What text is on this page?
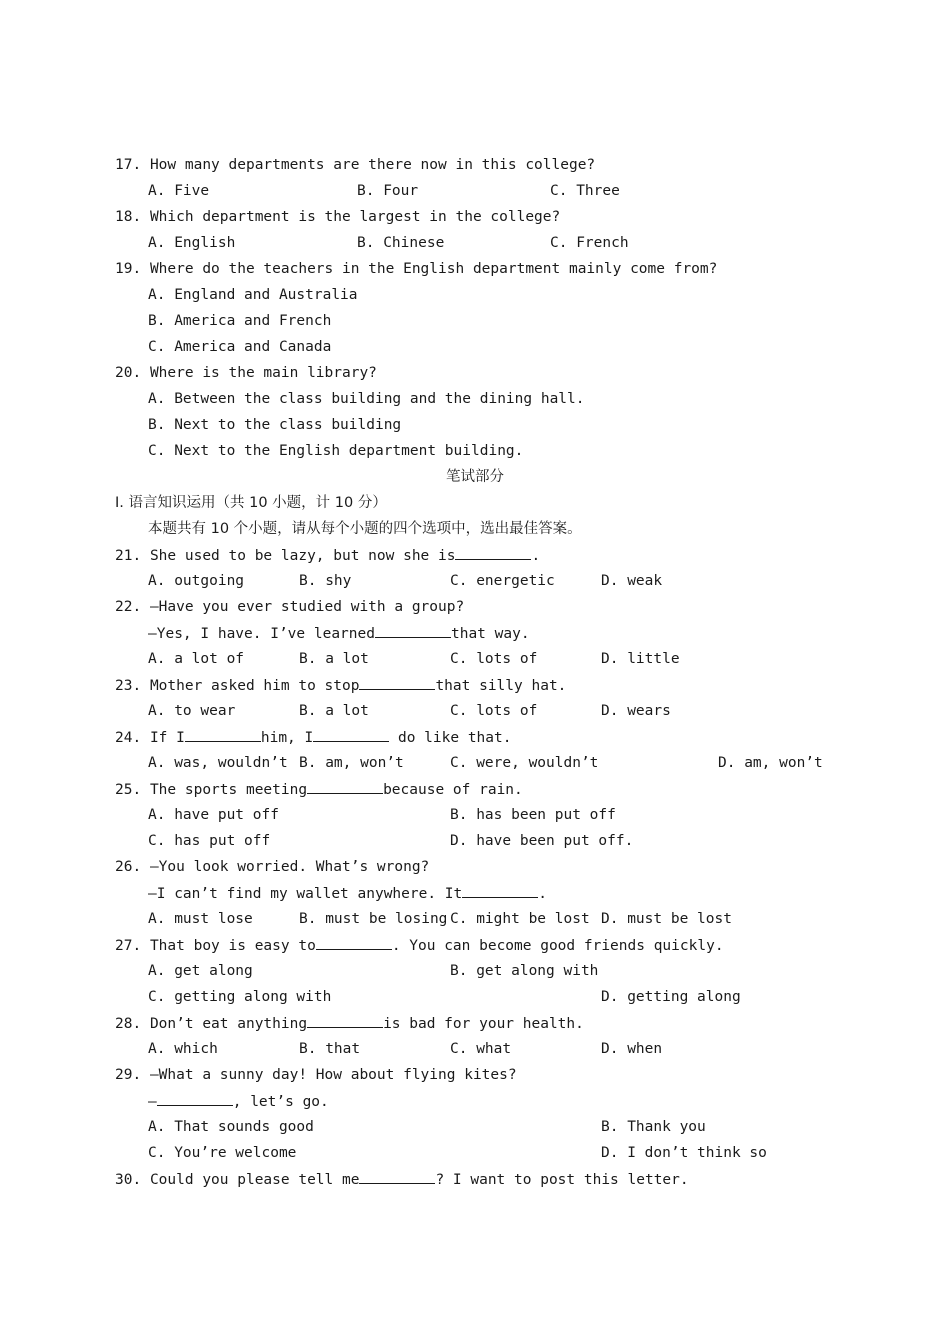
17. How many departments are there now in this college?
A. Five	B. Four	C. Three
18. Which department is the largest in the college?
A. English	B. Chinese	C. French
19. Where do the teachers in the English department mainly come from?
A. England and Australia
B. America and French
C. America and Canada
20. Where is the main library?
A. Between the class building and the dining hall.
B. Next to the class building
C. Next to the English department building.
笔试部分
Ⅰ. 语言知识运用（共 10 小题，计 10 分）
本题共有 10 个小题，请从每个小题的四个选项中，选出最佳答案。
21. She used to be lazy, but now she is	.
A. outgoing	B. shy	C. energetic	D. weak
22. —Have you ever studied with a group?
—Yes, I have. I’ve learned	that way.
A. a lot of	B. a lot	C. lots of	D. little
23. Mother asked him to stop	that silly hat.
A. to wear	B. a lot	C. lots of	D. wears
24. If I	him, I	do like that.
A. was, wouldn’t B. am, won’t	C. were, wouldn’t	D. am, won’t
25. The sports meeting	because of rain.
A. have put off	B. has been put off
C. has put off	D. have been put off.
26. —You look worried. What’s wrong?
—I can’t find my wallet anywhere. It	.
A. must lose	B. must be losing C. might be lost D. must be lost
27. That boy is easy to	. You can become good friends quickly.
A. get along	B. get along with
C. getting along with	D. getting along
28. Don’t eat anything	is bad for your health.
A. which	B. that	C. what	D. when
29. —What a sunny day! How about flying kites?
—	, let’s go.
A. That sounds good	B. Thank you
C. You’re welcome	D. I don’t think so
30. Could you please tell me	? I want to post this letter.
